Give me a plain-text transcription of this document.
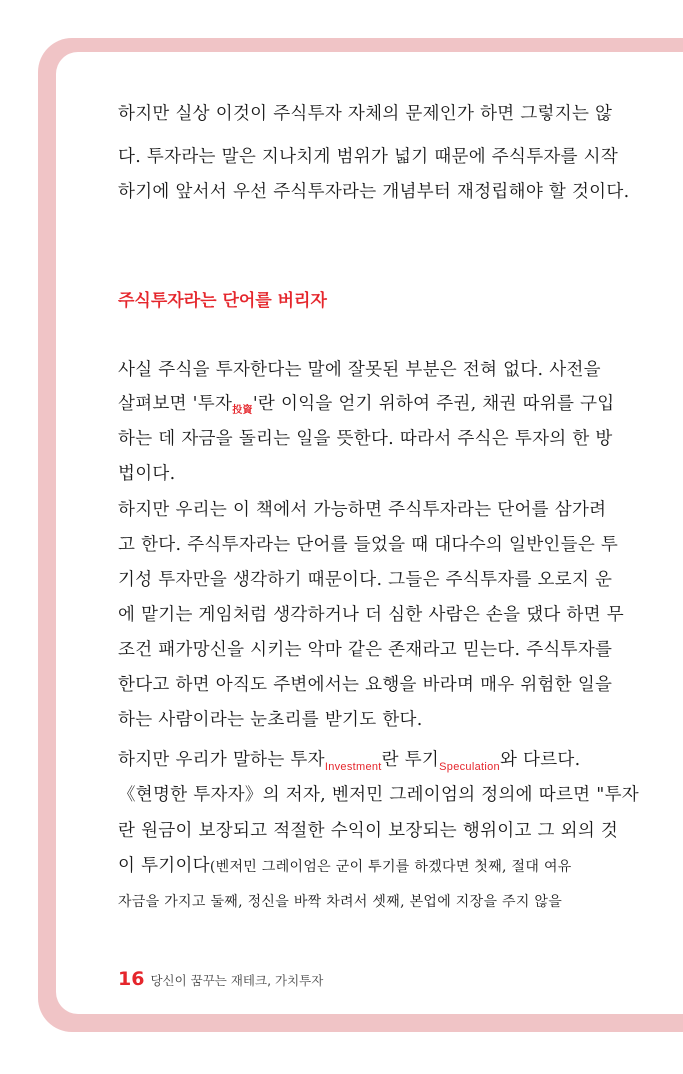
하지만 실상 이것이 주식투자 자체의 문제인가 하면 그렇지는 않
다. 투자라는 말은 지나치게 범위가 넓기 때문에 주식투자를 시작
하기에 앞서서 우선 주식투자라는 개념부터 재정립해야 할 것이다.
주식투자라는 단어를 버리자
사실 주식을 투자한다는 말에 잘못된 부분은 전혀 없다. 사전을
살펴보면 '투자$_{投資}$'란 이익을 얻기 위하여 주권, 채권 따위를 구입
하는 데 자금을 돌리는 일을 뜻한다. 따라서 주식은 투자의 한 방
법이다.
하지만 우리는 이 책에서 가능하면 주식투자라는 단어를 삼가려
고 한다. 주식투자라는 단어를 들었을 때 대다수의 일반인들은 투
기성 투자만을 생각하기 때문이다. 그들은 주식투자를 오로지 운
에 맡기는 게임처럼 생각하거나 더 심한 사람은 손을 댔다 하면 무
조건 패가망신을 시키는 악마 같은 존재라고 믿는다. 주식투자를
한다고 하면 아직도 주변에서는 요행을 바라며 매우 위험한 일을
하는 사람이라는 눈초리를 받기도 한다.
하지만 우리가 말하는 투자$_{Investment}$란 투기$_{Speculation}$와 다르다.
《현명한 투자자》의 저자, 벤저민 그레이엄의 정의에 따르면 "투자
란 원금이 보장되고 적절한 수익이 보장되는 행위이고 그 외의 것
이 투기이다(벤저민 그레이엄은 군이 투기를 하겠다면 첫째, 절대 여유
자금을 가지고 둘째, 정신을 바짝 차려서 셋째, 본업에 지장을 주지 않을
16 당신이 꿈꾸는 재테크, 가치투자
